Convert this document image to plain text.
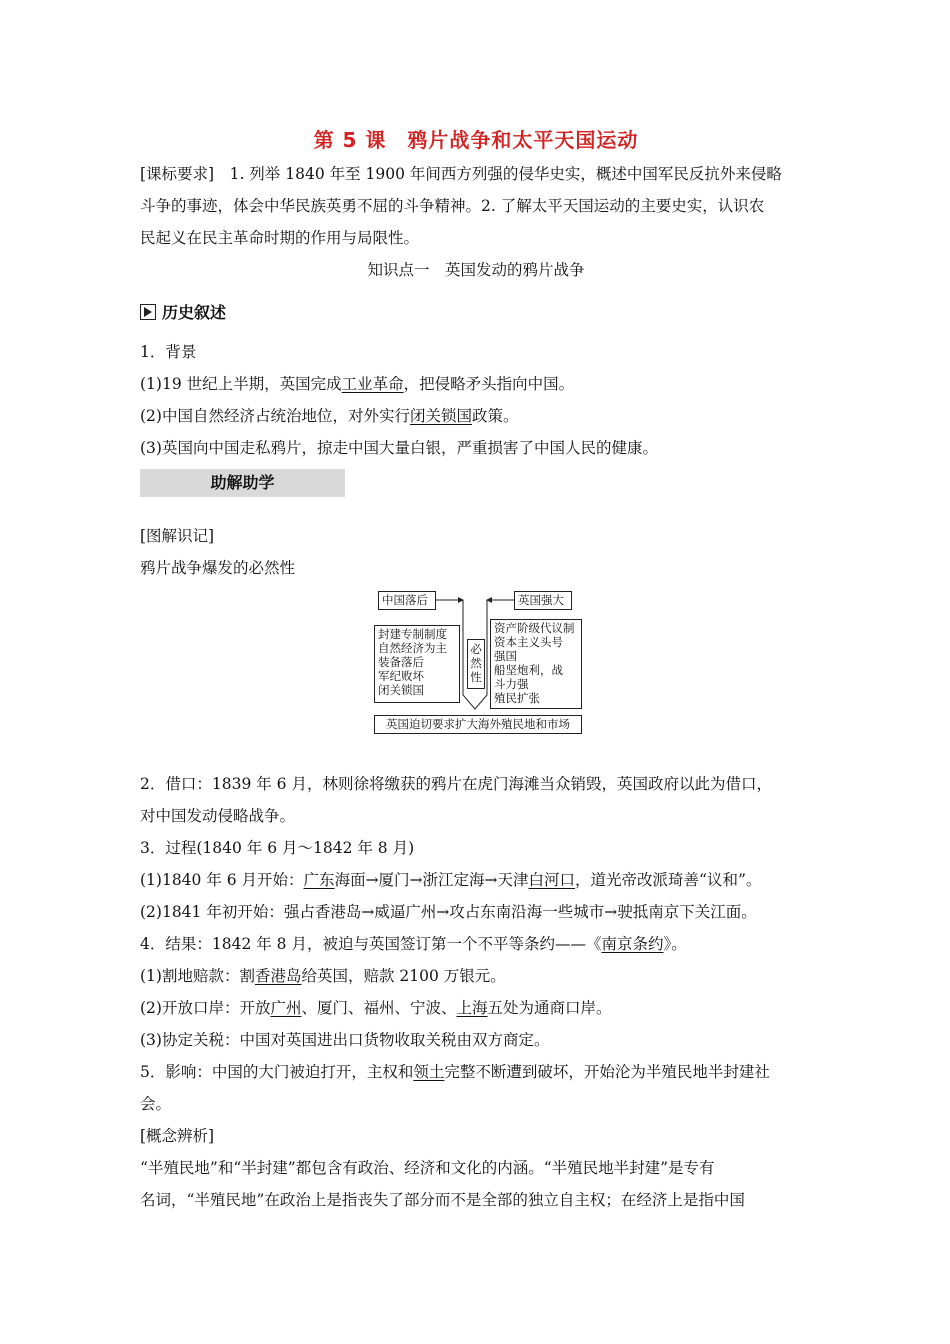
第 5 课　鸦片战争和太平天国运动
[课标要求]　1. 列举 1840 年至 1900 年间西方列强的侵华史实，概述中国军民反抗外来侵略
斗争的事迹，体会中华民族英勇不屈的斗争精神。2. 了解太平天国运动的主要史实，认识农
民起义在民主革命时期的作用与局限性。
知识点一　英国发动的鸦片战争
历史叙述
1．背景
(1)19 世纪上半期，英国完成工业革命，把侵略矛头指向中国。
(2)中国自然经济占统治地位，对外实行闭关锁国政策。
(3)英国向中国走私鸦片，掠走中国大量白银，严重损害了中国人民的健康。
助解助学
[图解识记]
鸦片战争爆发的必然性
中国落后	英国强大
封建专制制度
自然经济为主
装备落后
军纪败坏
闭关锁国
必
然
性
资产阶级代议制
资本主义头号
强国
船坚炮利，战
斗力强
殖民扩张
英国迫切要求扩大海外殖民地和市场
2．借口：1839 年 6 月，林则徐将缴获的鸦片在虎门海滩当众销毁，英国政府以此为借口，
对中国发动侵略战争。
3．过程(1840 年 6 月～1842 年 8 月)
(1)1840 年 6 月开始：广东海面→厦门→浙江定海→天津白河口，道光帝改派琦善“议和”。
(2)1841 年初开始：强占香港岛→威逼广州→攻占东南沿海一些城市→驶抵南京下关江面。
4．结果：1842 年 8 月，被迫与英国签订第一个不平等条约——《南京条约》。
(1)割地赔款：割香港岛给英国，赔款 2100 万银元。
(2)开放口岸：开放广州、厦门、福州、宁波、上海五处为通商口岸。
(3)协定关税：中国对英国进出口货物收取关税由双方商定。
5．影响：中国的大门被迫打开，主权和领土完整不断遭到破坏，开始沦为半殖民地半封建社
会。
[概念辨析]
“半殖民地”和“半封建”都包含有政治、经济和文化的内涵。“半殖民地半封建”是专有
名词，“半殖民地”在政治上是指丧失了部分而不是全部的独立自主权；在经济上是指中国
